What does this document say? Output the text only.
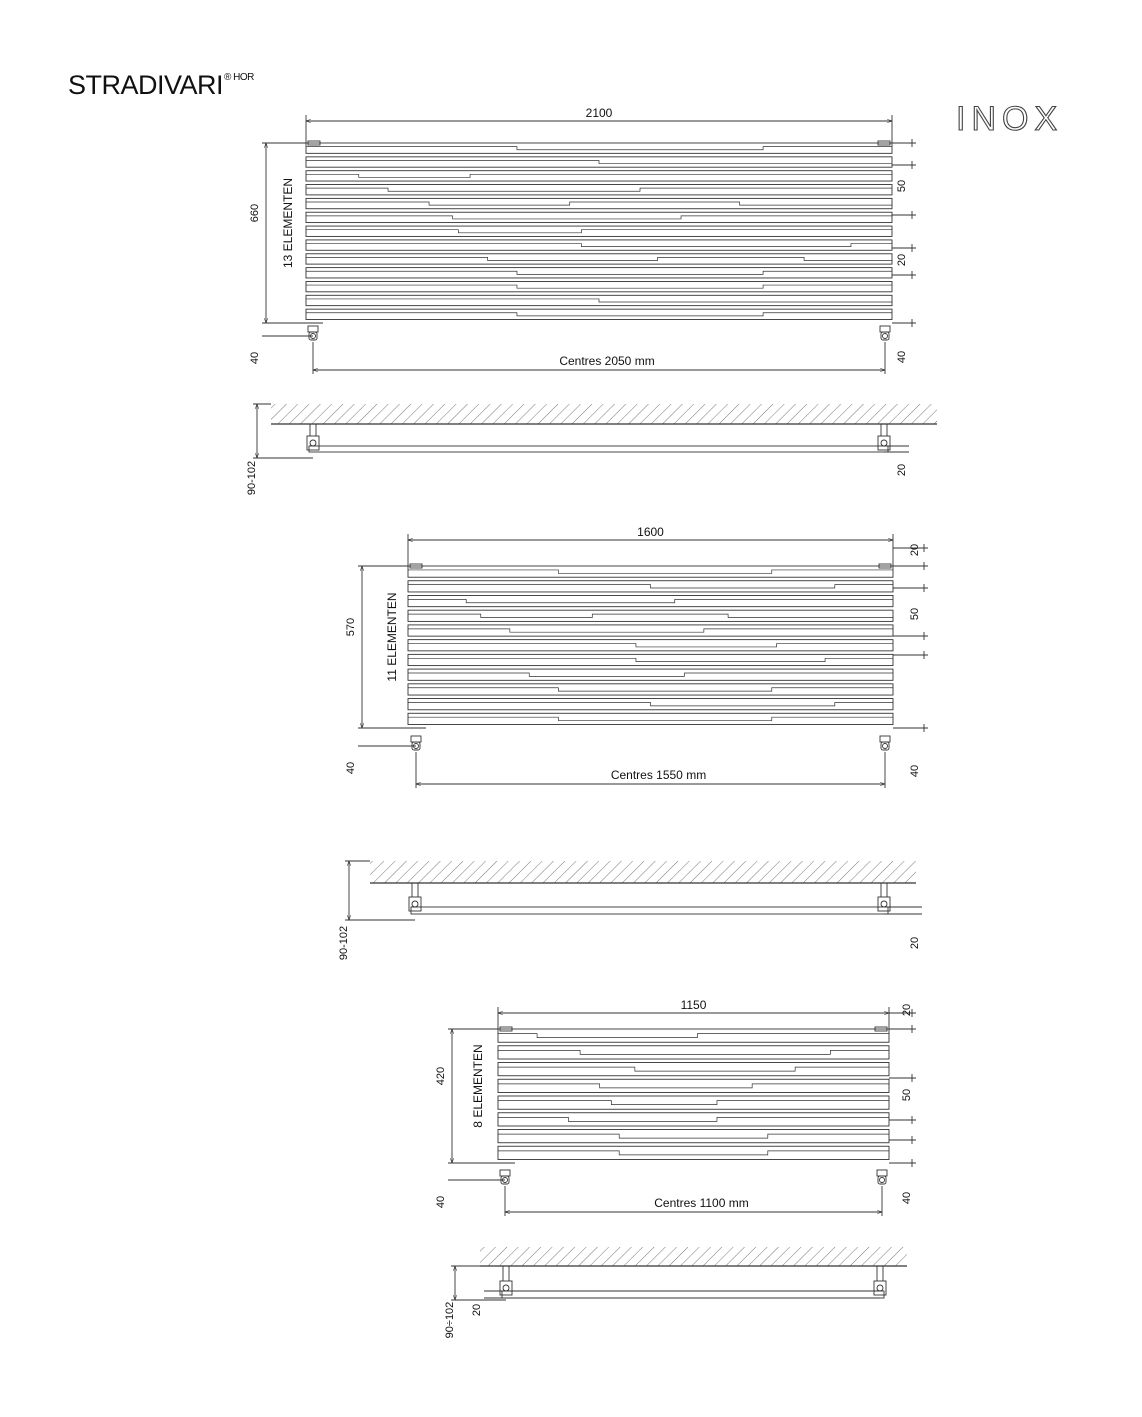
$STRADIVARI^{® HOR}$
INOX
2100
660 13 ELEMENTEN
40	Centres 2050 mm
50
20
40
90-102	20
1600
570 11 ELEMENTEN
40	Centres 1550 mm
20
50
40
90-102	20
1150
420 8 ELEMENTEN
40	Centres 1100 mm
20
50
40
90÷102 20
